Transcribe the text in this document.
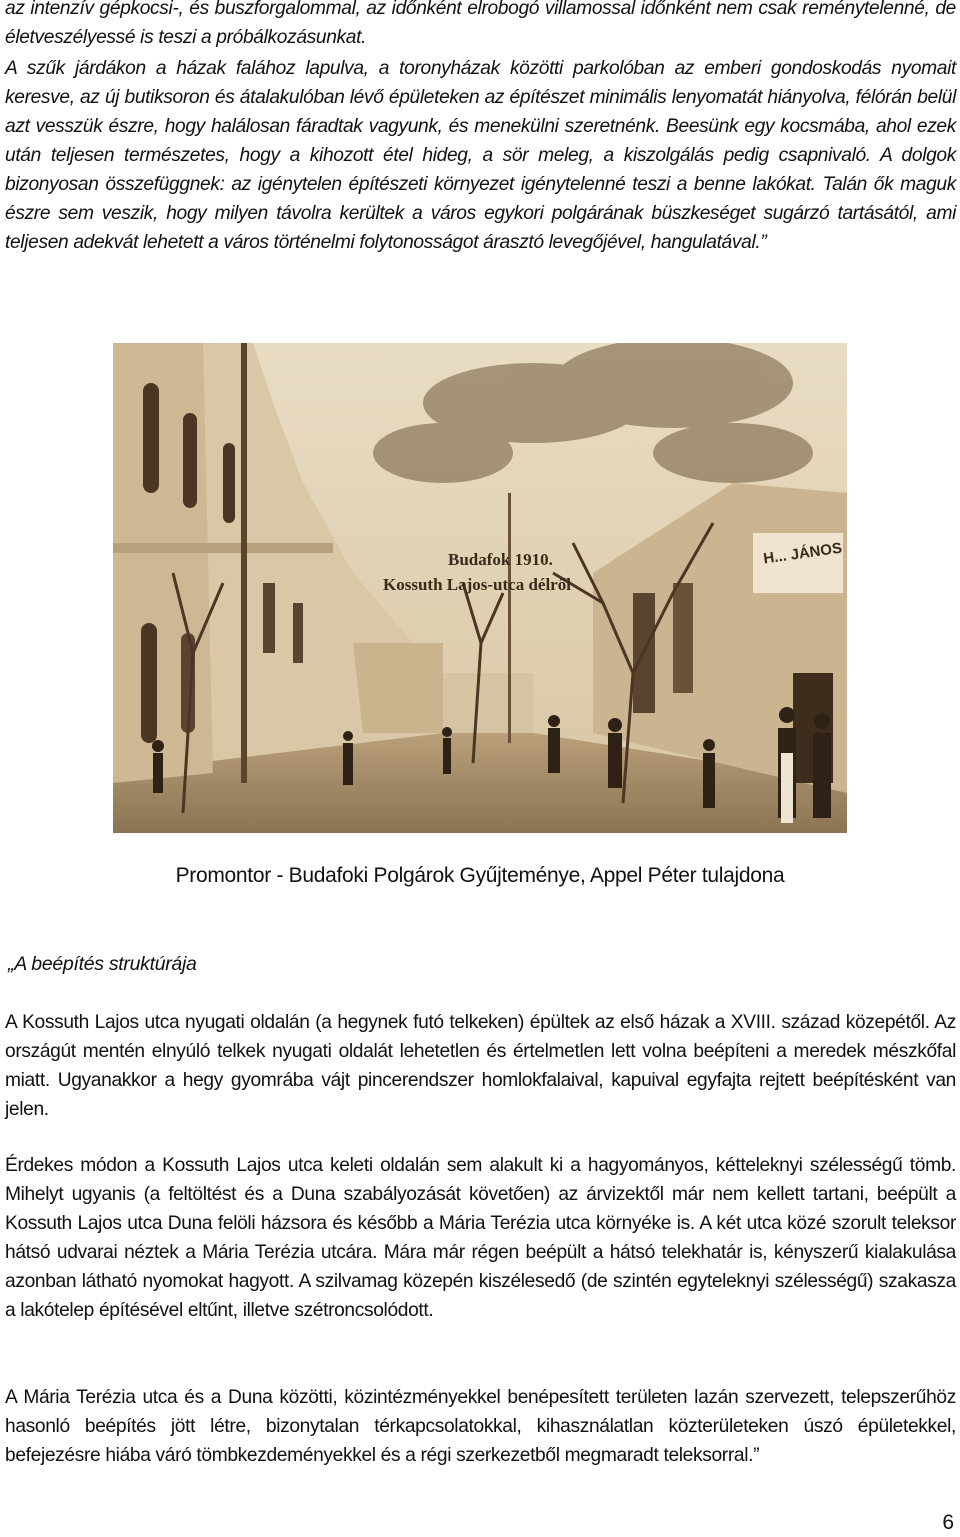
az intenzív gépkocsi-, és buszforgalommal, az időnként elrobogó villamossal időnként nem csak reménytelenné, de életveszélyessé is teszi a próbálkozásunkat.

A szűk járdákon a házak falához lapulva, a toronyházak közötti parkolóban az emberi gondoskodás nyomait keresve, az új butiksoron és átalakulóban lévő épületeken az építészet minimális lenyomatát hiányolva, félórán belül azt vesszük észre, hogy halálosan fáradtak vagyunk, és menekülni szeretnénk. Beesünk egy kocsmába, ahol ezek után teljesen természetes, hogy a kihozott étel hideg, a sör meleg, a kiszolgálás pedig csapnivaló. A dolgok bizonyosan összefüggnek: az igénytelen építészeti környezet igénytelenné teszi a benne lakókat. Talán ők maguk észre sem veszik, hogy milyen távolra kerültek a város egykori polgárának büszkeséget sugárzó tartásától, ami teljesen adekvát lehetett a város történelmi folytonosságot árasztó levegőjével, hangulatával.”

Budafok 1910.
Kossuth Lajos-utca délről
H... JÁNOS
Promontor - Budafoki Polgárok Gyűjteménye, Appel Péter tulajdona
„A beépítés struktúrája

A Kossuth Lajos utca nyugati oldalán (a hegynek futó telkeken) épültek az első házak a XVIII. század közepétől. Az országút mentén elnyúló telkek nyugati oldalát lehetetlen és értelmetlen lett volna beépíteni a meredek mészkőfal miatt. Ugyanakkor a hegy gyomrába vájt pincerendszer homlokfalaival, kapuival egyfajta rejtett beépítésként van jelen.

Érdekes módon a Kossuth Lajos utca keleti oldalán sem alakult ki a hagyományos, kétteleknyi szélességű tömb. Mihelyt ugyanis (a feltöltést és a Duna szabályozását követően) az árvizektől már nem kellett tartani, beépült a Kossuth Lajos utca Duna felöli házsora és később a Mária Terézia utca környéke is. A két utca közé szorult teleksor hátsó udvarai néztek a Mária Terézia utcára. Mára már régen beépült a hátsó telekhatár is, kényszerű kialakulása azonban látható nyomokat hagyott. A szilvamag közepén kiszélesedő (de szintén egyteleknyi szélességű) szakasza a lakótelep építésével eltűnt, illetve szétroncsolódott.

A Mária Terézia utca és a Duna közötti, közintézményekkel benépesített területen lazán szervezett, telepszerűhöz hasonló beépítés jött létre, bizonytalan térkapcsolatokkal, kihasználatlan közterületeken úszó épületekkel, befejezésre hiába váró tömbkezdeményekkel és a régi szerkezetből megmaradt teleksorral.”

6
